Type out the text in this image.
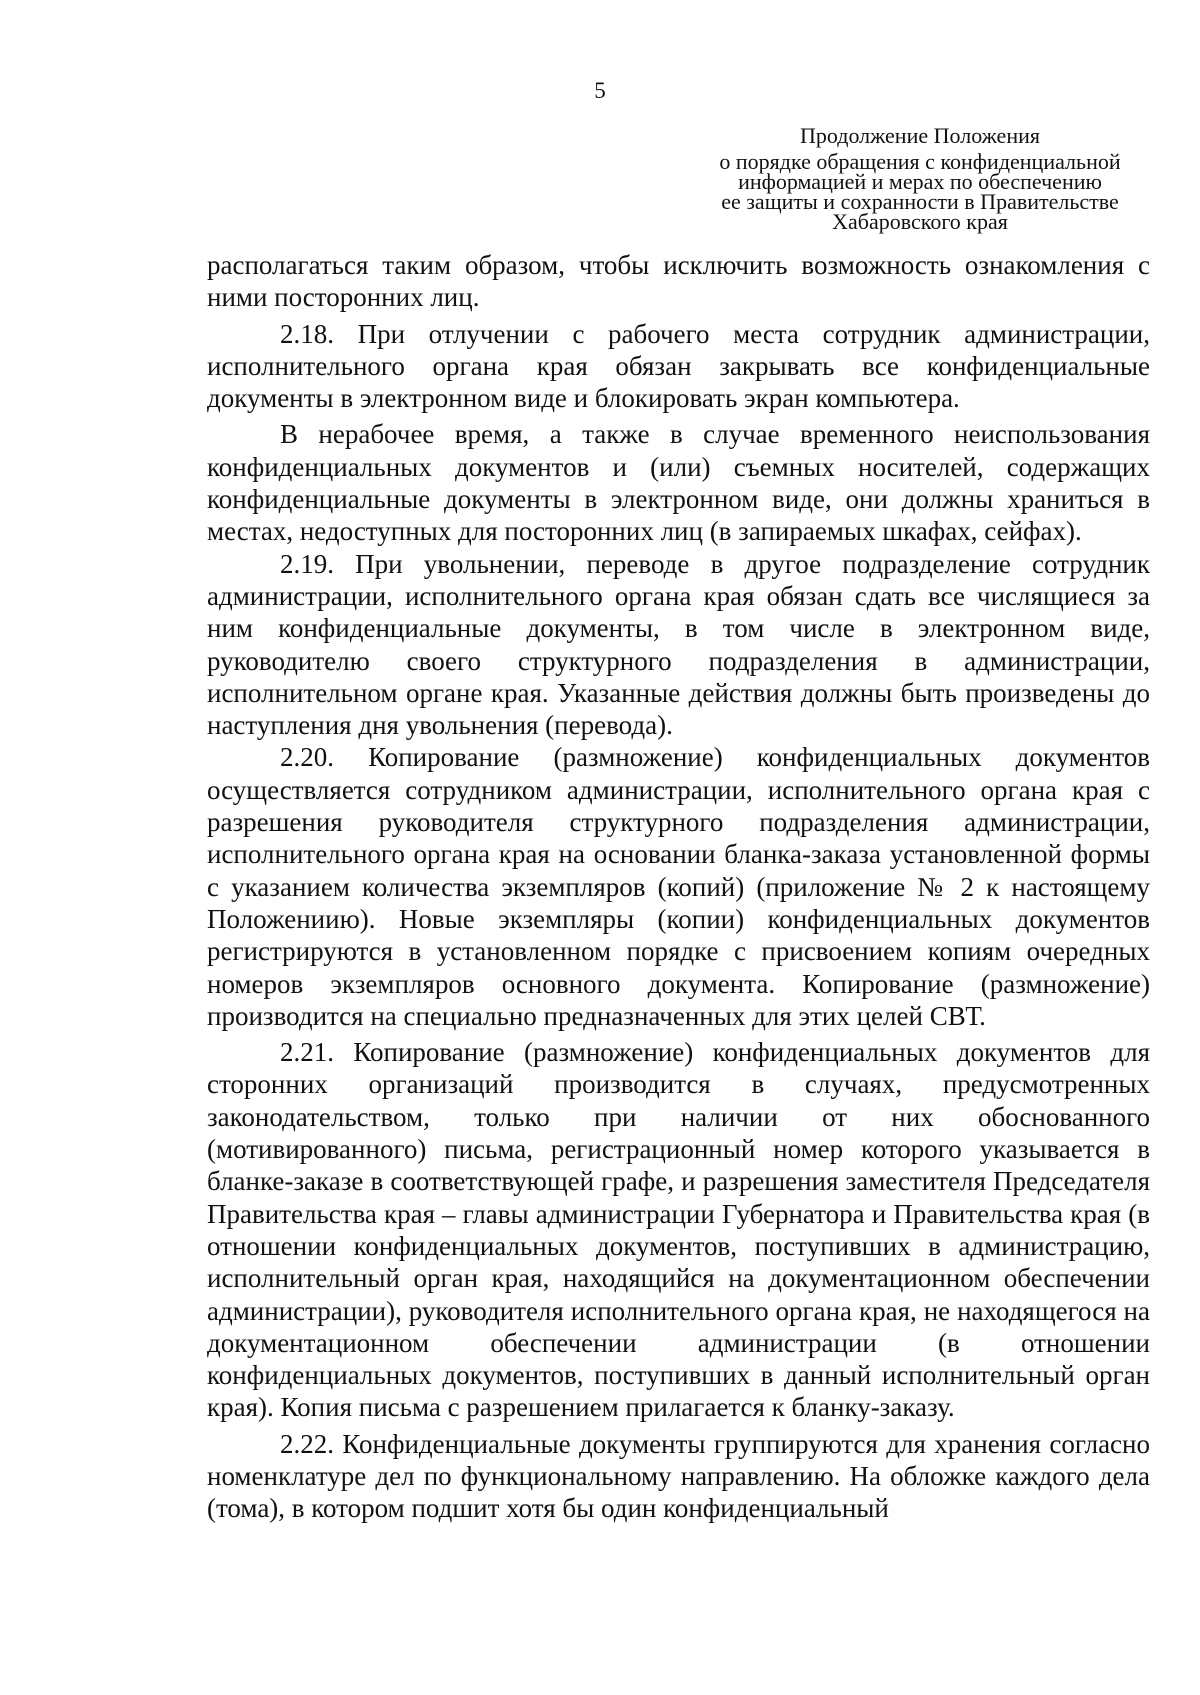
5
Продолжение Положения
о порядке обращения с конфиденциальной
информацией и мерах по обеспечению
ее защиты и сохранности в Правительстве
Хабаровского края

располагаться таким образом, чтобы исключить возможность ознакомления с ними посторонних лиц.

2.18. При отлучении с рабочего места сотрудник администрации, исполнительного органа края обязан закрывать все конфиденциальные документы в электронном виде и блокировать экран компьютера.

В нерабочее время, а также в случае временного неиспользования конфиденциальных документов и (или) съемных носителей, содержащих конфиденциальные документы в электронном виде, они должны храниться в местах, недоступных для посторонних лиц (в запираемых шкафах, сейфах).

2.19. При увольнении, переводе в другое подразделение сотрудник администрации, исполнительного органа края обязан сдать все числящиеся за ним конфиденциальные документы, в том числе в электронном виде, руководителю своего структурного подразделения в администрации, исполнительном органе края. Указанные действия должны быть произведены до наступления дня увольнения (перевода).

2.20. Копирование (размножение) конфиденциальных документов осуществляется сотрудником администрации, исполнительного органа края с разрешения руководителя структурного подразделения администрации, исполнительного органа края на основании бланка-заказа установленной формы с указанием количества экземпляров (копий) (приложение № 2 к настоящему Положениию). Новые экземпляры (копии) конфиденциальных документов регистрируются в установленном порядке с присвоением копиям очередных номеров экземпляров основного документа. Копирование (размножение) производится на специально предназначенных для этих целей СВТ.

2.21. Копирование (размножение) конфиденциальных документов для сторонних организаций производится в случаях, предусмотренных законодательством, только при наличии от них обоснованного (мотивированного) письма, регистрационный номер которого указывается в бланке-заказе в соответствующей графе, и разрешения заместителя Председателя Правительства края – главы администрации Губернатора и Правительства края (в отношении конфиденциальных документов, поступивших в администрацию, исполнительный орган края, находящийся на документационном обеспечении администрации), руководителя исполнительного органа края, не находящегося на документационном обеспечении администрации (в отношении конфиденциальных документов, поступивших в данный исполнительный орган края). Копия письма с разрешением прилагается к бланку-заказу.

2.22. Конфиденциальные документы группируются для хранения согласно номенклатуре дел по функциональному направлению. На обложке каждого дела (тома), в котором подшит хотя бы один конфиденциальный
